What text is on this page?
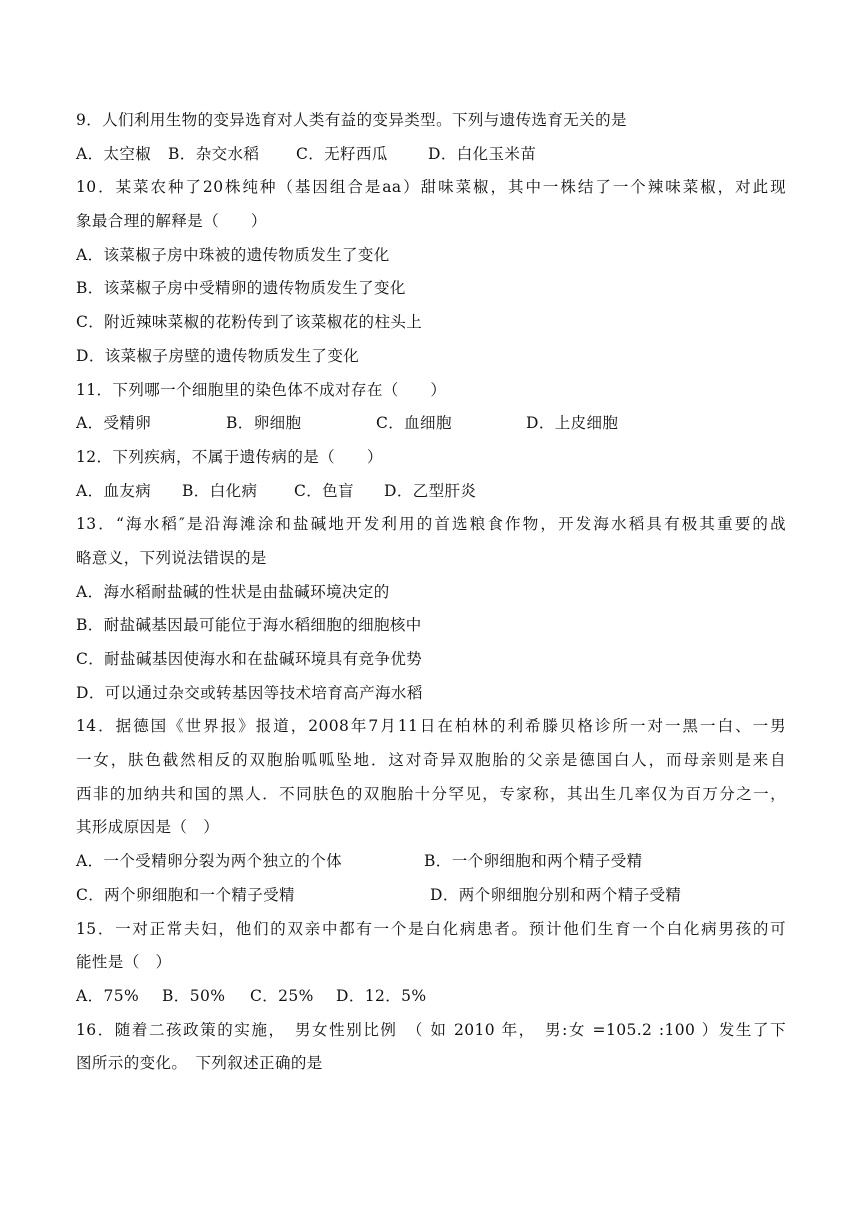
9．人们利用生物的变异选育对人类有益的变异类型。下列与遗传选育无关的是
A．太空椒	B．杂交水稻	C．无籽西瓜	D．白化玉米苗
10．某菜农种了20株纯种（基因组合是aa）甜味菜椒，其中一株结了一个辣味菜椒，对此现
象最合理的解释是（　　）
A．该菜椒子房中珠被的遗传物质发生了变化
B．该菜椒子房中受精卵的遗传物质发生了变化
C．附近辣味菜椒的花粉传到了该菜椒花的柱头上
D．该菜椒子房壁的遗传物质发生了变化
11．下列哪一个细胞里的染色体不成对存在（　　）
A．受精卵	B．卵细胞	C．血细胞	D．上皮细胞
12．下列疾病，不属于遗传病的是（　　）
A．血友病	B．白化病	C．色盲	D．乙型肝炎
13．“海水稻″是沿海滩涂和盐碱地开发利用的首选粮食作物，开发海水稻具有极其重要的战
略意义，下列说法错误的是
A．海水稻耐盐碱的性状是由盐碱环境决定的
B．耐盐碱基因最可能位于海水稻细胞的细胞核中
C．耐盐碱基因使海水和在盐碱环境具有竞争优势
D．可以通过杂交或转基因等技术培育高产海水稻
14．据德国《世界报》报道，2008年7月11日在柏林的利希滕贝格诊所一对一黑一白、一男
一女，肤色截然相反的双胞胎呱呱坠地．这对奇异双胞胎的父亲是德国白人，而母亲则是来自
西非的加纳共和国的黑人．不同肤色的双胞胎十分罕见，专家称，其出生几率仅为百万分之一，
其形成原因是（　）
A．一个受精卵分裂为两个独立的个体	B．一个卵细胞和两个精子受精
C．两个卵细胞和一个精子受精	D．两个卵细胞分别和两个精子受精
15．一对正常夫妇，他们的双亲中都有一个是白化病患者。预计他们生育一个白化病男孩的可
能性是（　）
A．75%	B．50%	C．25%	D．12．5%
16．随着二孩政策的实施，　男女性别比例　（ 如 2010 年，　男:女 =105.2 :100 ）发生了下
图所示的变化。　下列叙述正确的是
